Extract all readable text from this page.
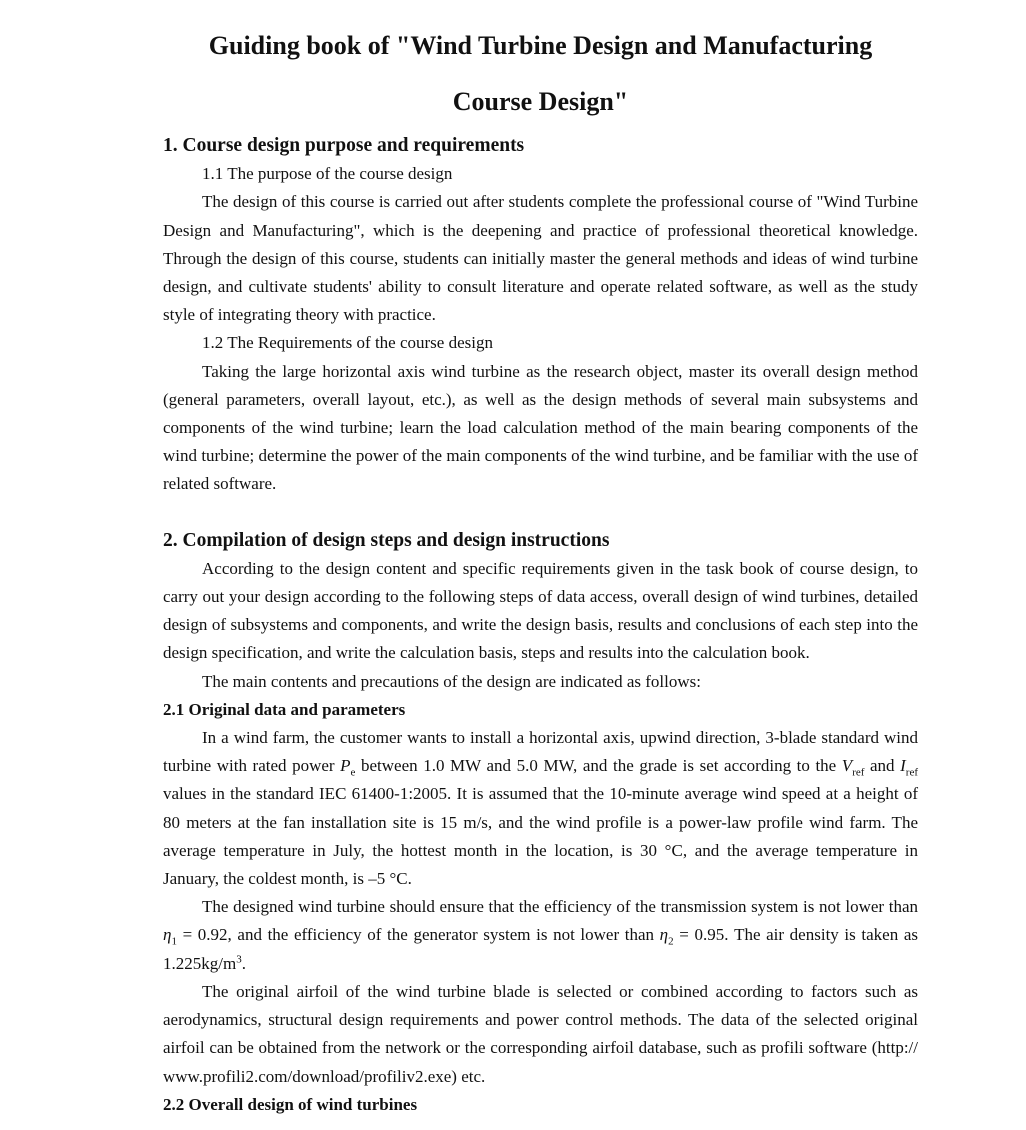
Guiding book of "Wind Turbine Design and Manufacturing
Course Design"
1. Course design purpose and requirements
1.1 The purpose of the course design

The design of this course is carried out after students complete the professional course of "Wind Turbine Design and Manufacturing", which is the deepening and practice of professional theoretical knowledge. Through the design of this course, students can initially master the general methods and ideas of wind turbine design, and cultivate students' ability to consult literature and operate related software, as well as the study style of integrating theory with practice.

1.2 The Requirements of the course design

Taking the large horizontal axis wind turbine as the research object, master its overall design method (general parameters, overall layout, etc.), as well as the design methods of several main subsystems and components of the wind turbine; learn the load calculation method of the main bearing components of the wind turbine; determine the power of the main components of the wind turbine, and be familiar with the use of related software.

2. Compilation of design steps and design instructions

According to the design content and specific requirements given in the task book of course design, to carry out your design according to the following steps of data access, overall design of wind turbines, detailed design of subsystems and components, and write the design basis, results and conclusions of each step into the design specification, and write the calculation basis, steps and results into the calculation book.

The main contents and precautions of the design are indicated as follows:

2.1 Original data and parameters

In a wind farm, the customer wants to install a horizontal axis, upwind direction, 3-blade standard wind turbine with rated power $P_e$ between 1.0 MW and 5.0 MW, and the grade is set according to the $V_{ref}$ and $I_{ref}$ values in the standard IEC 61400-1:2005. It is assumed that the 10-minute average wind speed at a height of 80 meters at the fan installation site is 15 m/s, and the wind profile is a power-law profile wind farm. The average temperature in July, the hottest month in the location, is 30 °C, and the average temperature in January, the coldest month, is –5 °C.

The designed wind turbine should ensure that the efficiency of the transmission system is not lower than $\eta_1 = 0.92$, and the efficiency of the generator system is not lower than $\eta_2 = 0.95$. The air density is taken as $1.225kg/m^3$.

The original airfoil of the wind turbine blade is selected or combined according to factors such as aerodynamics, structural design requirements and power control methods. The data of the selected original airfoil can be obtained from the network or the corresponding airfoil database, such as profili software (http:// www.profili2.com/download/profiliv2.exe) etc.

2.2 Overall design of wind turbines
